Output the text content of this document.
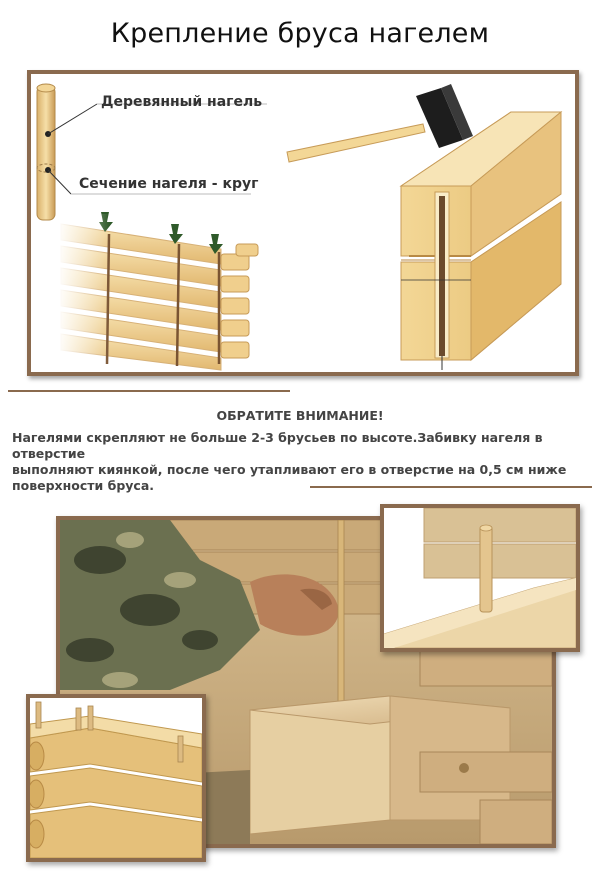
Крепление бруса нагелем
Деревянный нагель
Сечение нагеля - круг
ОБРАТИТЕ ВНИМАНИЕ!
Нагелями скрепляют не больше 2-3 брусьев по высоте.Забивку нагеля в отверстие
выполняют киянкой, после чего утапливают его в отверстие на 0,5 см ниже
поверхности бруса.
